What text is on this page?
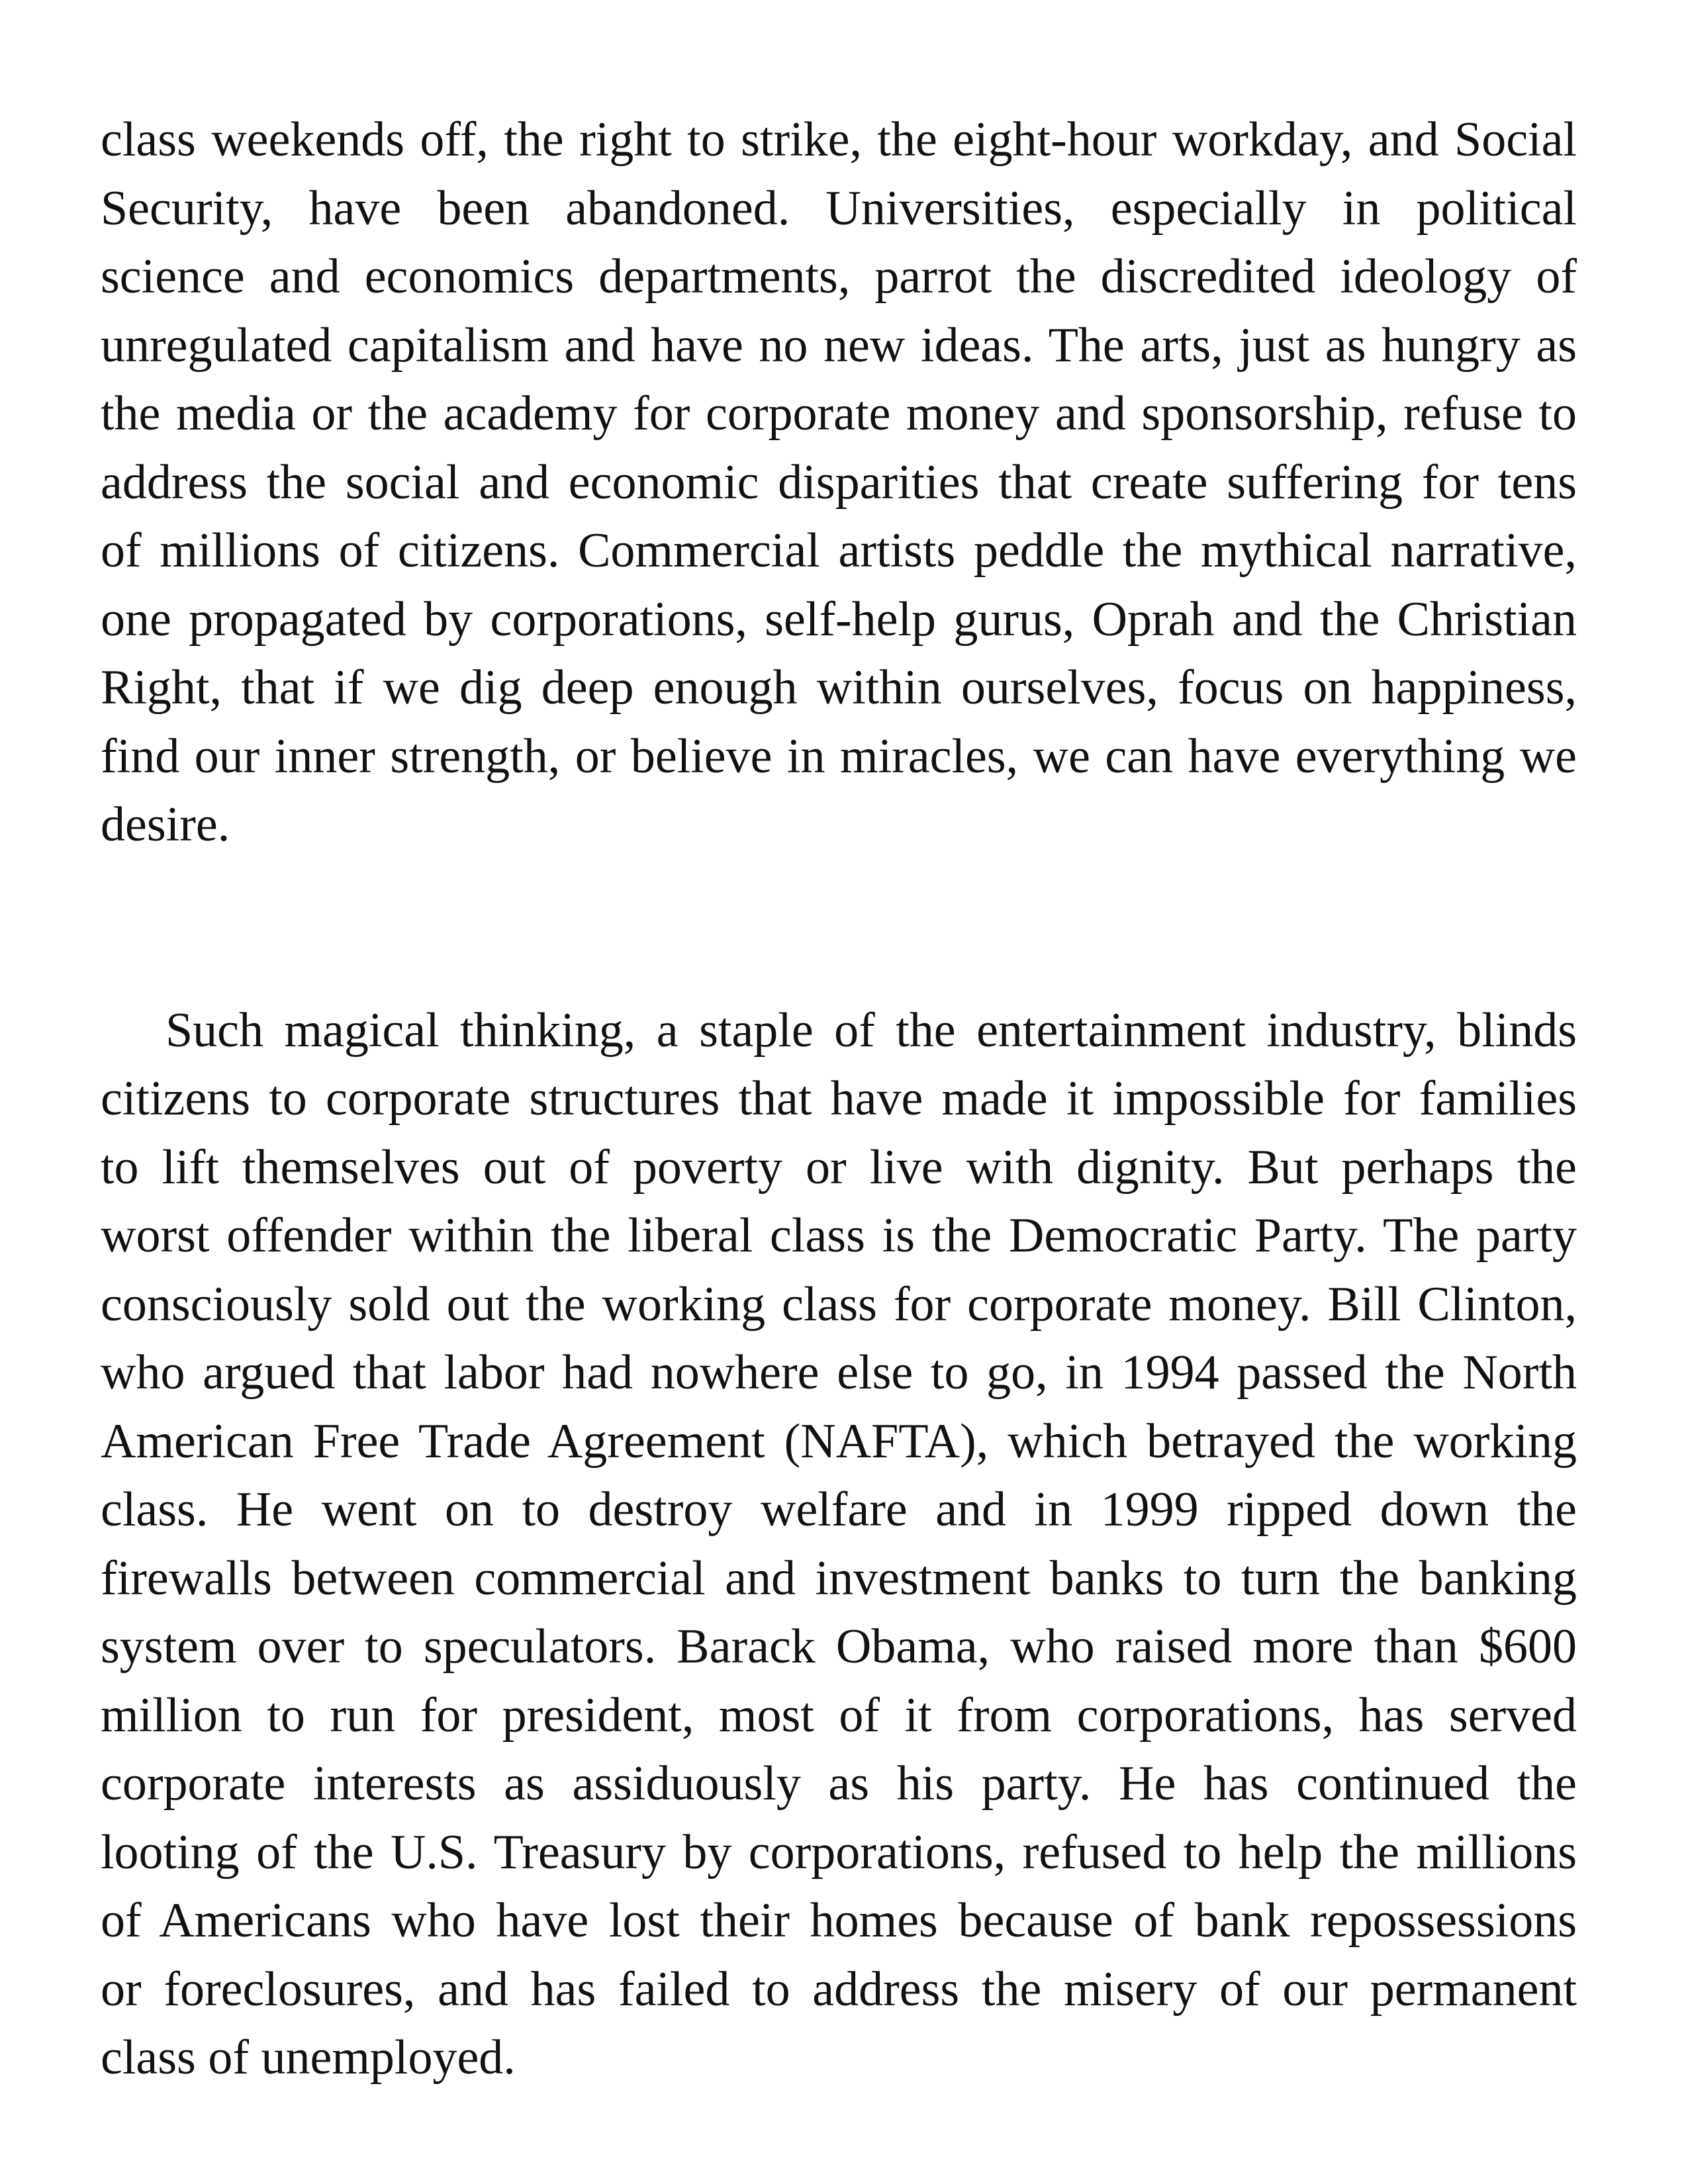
class weekends off, the right to strike, the eight-hour workday, and Social
Security, have been abandoned. Universities, especially in political
science and economics departments, parrot the discredited ideology of
unregulated capitalism and have no new ideas. The arts, just as hungry as
the media or the academy for corporate money and sponsorship, refuse to
address the social and economic disparities that create suffering for tens
of millions of citizens. Commercial artists peddle the mythical narrative,
one propagated by corporations, self-help gurus, Oprah and the Christian
Right, that if we dig deep enough within ourselves, focus on happiness,
find our inner strength, or believe in miracles, we can have everything we
desire.
Such magical thinking, a staple of the entertainment industry, blinds
citizens to corporate structures that have made it impossible for families
to lift themselves out of poverty or live with dignity. But perhaps the
worst offender within the liberal class is the Democratic Party. The party
consciously sold out the working class for corporate money. Bill Clinton,
who argued that labor had nowhere else to go, in 1994 passed the North
American Free Trade Agreement (NAFTA), which betrayed the working
class. He went on to destroy welfare and in 1999 ripped down the
firewalls between commercial and investment banks to turn the banking
system over to speculators. Barack Obama, who raised more than $600
million to run for president, most of it from corporations, has served
corporate interests as assiduously as his party. He has continued the
looting of the U.S. Treasury by corporations, refused to help the millions
of Americans who have lost their homes because of bank repossessions
or foreclosures, and has failed to address the misery of our permanent
class of unemployed.
